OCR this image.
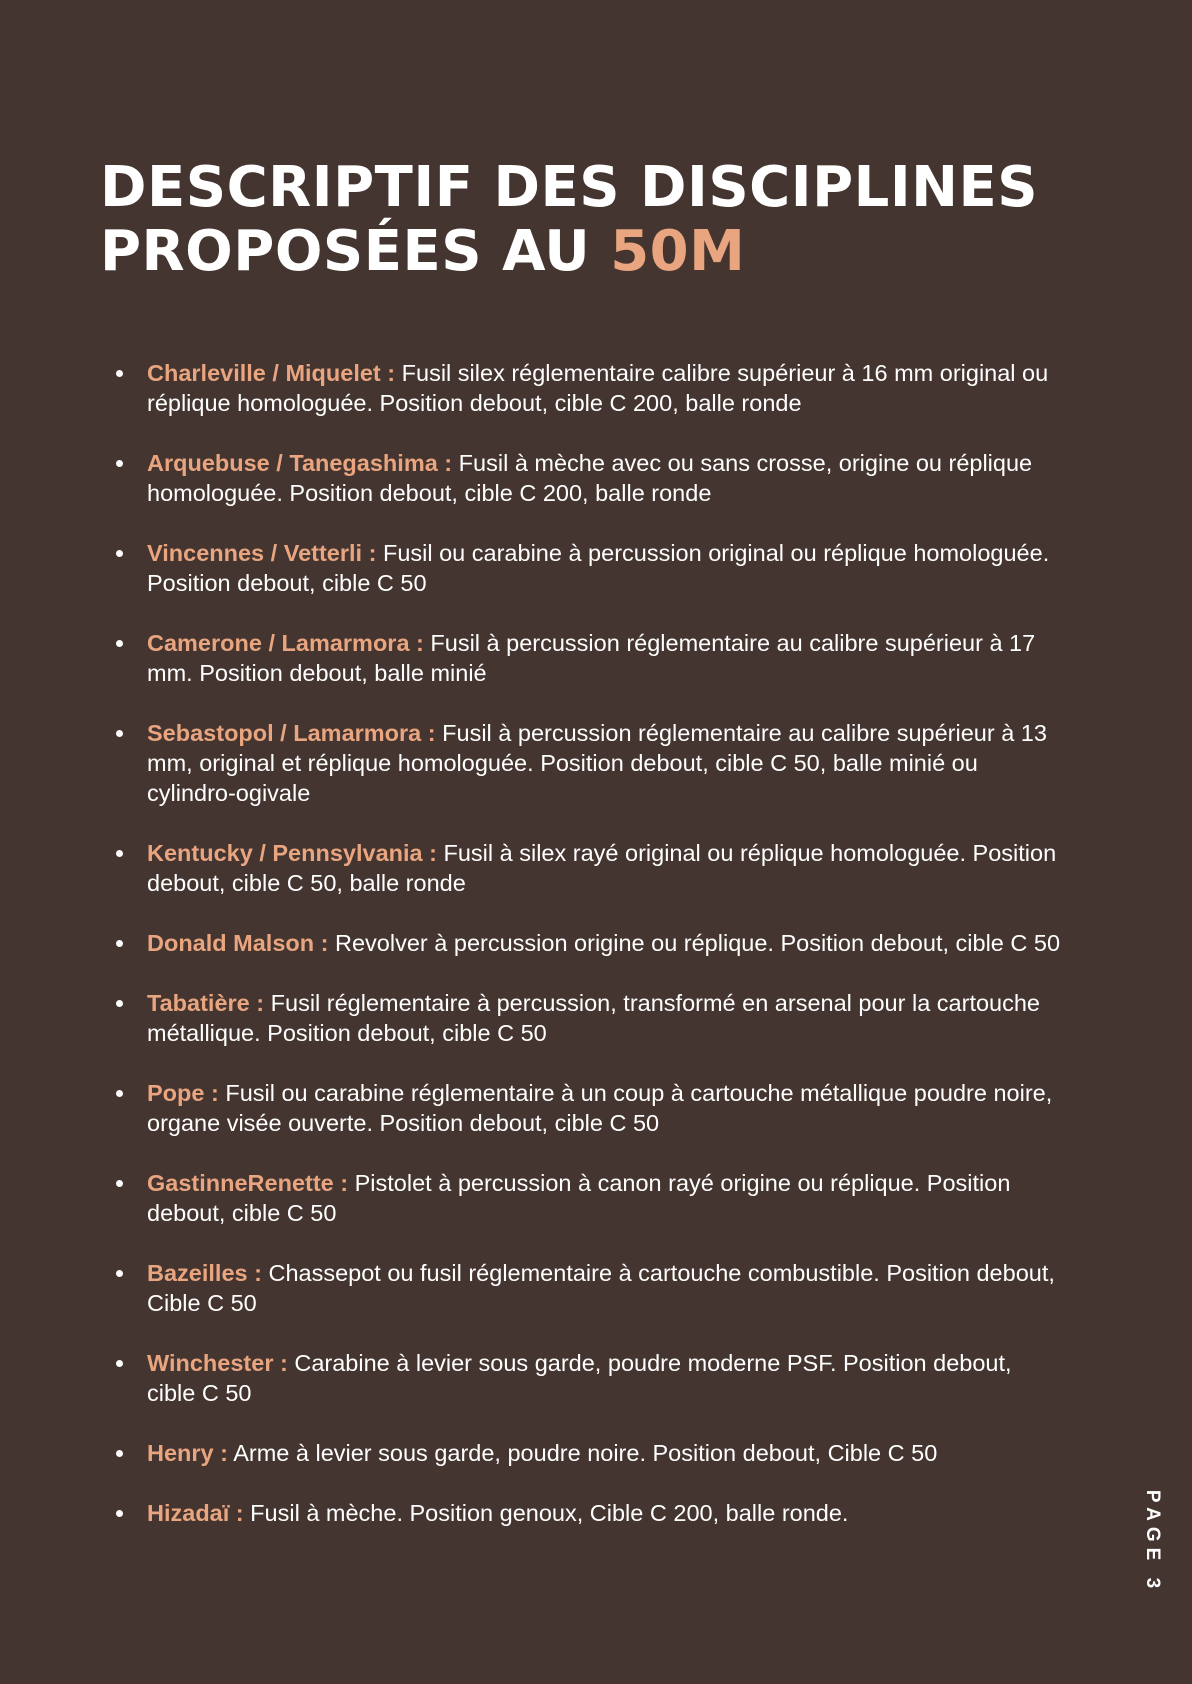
DESCRIPTIF DES DISCIPLINES
PROPOSÉES AU 50M
Charleville / Miquelet : Fusil silex réglementaire calibre supérieur à 16 mm original ou réplique homologuée. Position debout, cible C 200, balle ronde
Arquebuse / Tanegashima : Fusil à mèche avec ou sans crosse, origine ou réplique homologuée. Position debout, cible C 200, balle ronde
Vincennes / Vetterli : Fusil ou carabine à percussion original ou réplique homologuée. Position debout, cible C 50
Camerone / Lamarmora : Fusil à percussion réglementaire au calibre supérieur à 17 mm. Position debout, balle minié
Sebastopol / Lamarmora : Fusil à percussion réglementaire au calibre supérieur à 13 mm, original et réplique homologuée. Position debout, cible C 50, balle minié ou cylindro-ogivale
Kentucky / Pennsylvania : Fusil à silex rayé original ou réplique homologuée. Position debout, cible C 50, balle ronde
Donald Malson : Revolver à percussion origine ou réplique. Position debout, cible C 50
Tabatière : Fusil réglementaire à percussion, transformé en arsenal pour la cartouche métallique. Position debout, cible C 50
Pope : Fusil ou carabine réglementaire à un coup à cartouche métallique poudre noire, organe visée ouverte. Position debout, cible C 50
GastinneRenette : Pistolet à percussion à canon rayé origine ou réplique. Position debout, cible C 50
Bazeilles : Chassepot ou fusil réglementaire à cartouche combustible. Position debout, Cible C 50
Winchester : Carabine à levier sous garde, poudre moderne PSF. Position debout, cible C 50
Henry : Arme à levier sous garde, poudre noire. Position debout, Cible C 50
Hizadaï : Fusil à mèche. Position genoux, Cible C 200, balle ronde.	PAGE 3
